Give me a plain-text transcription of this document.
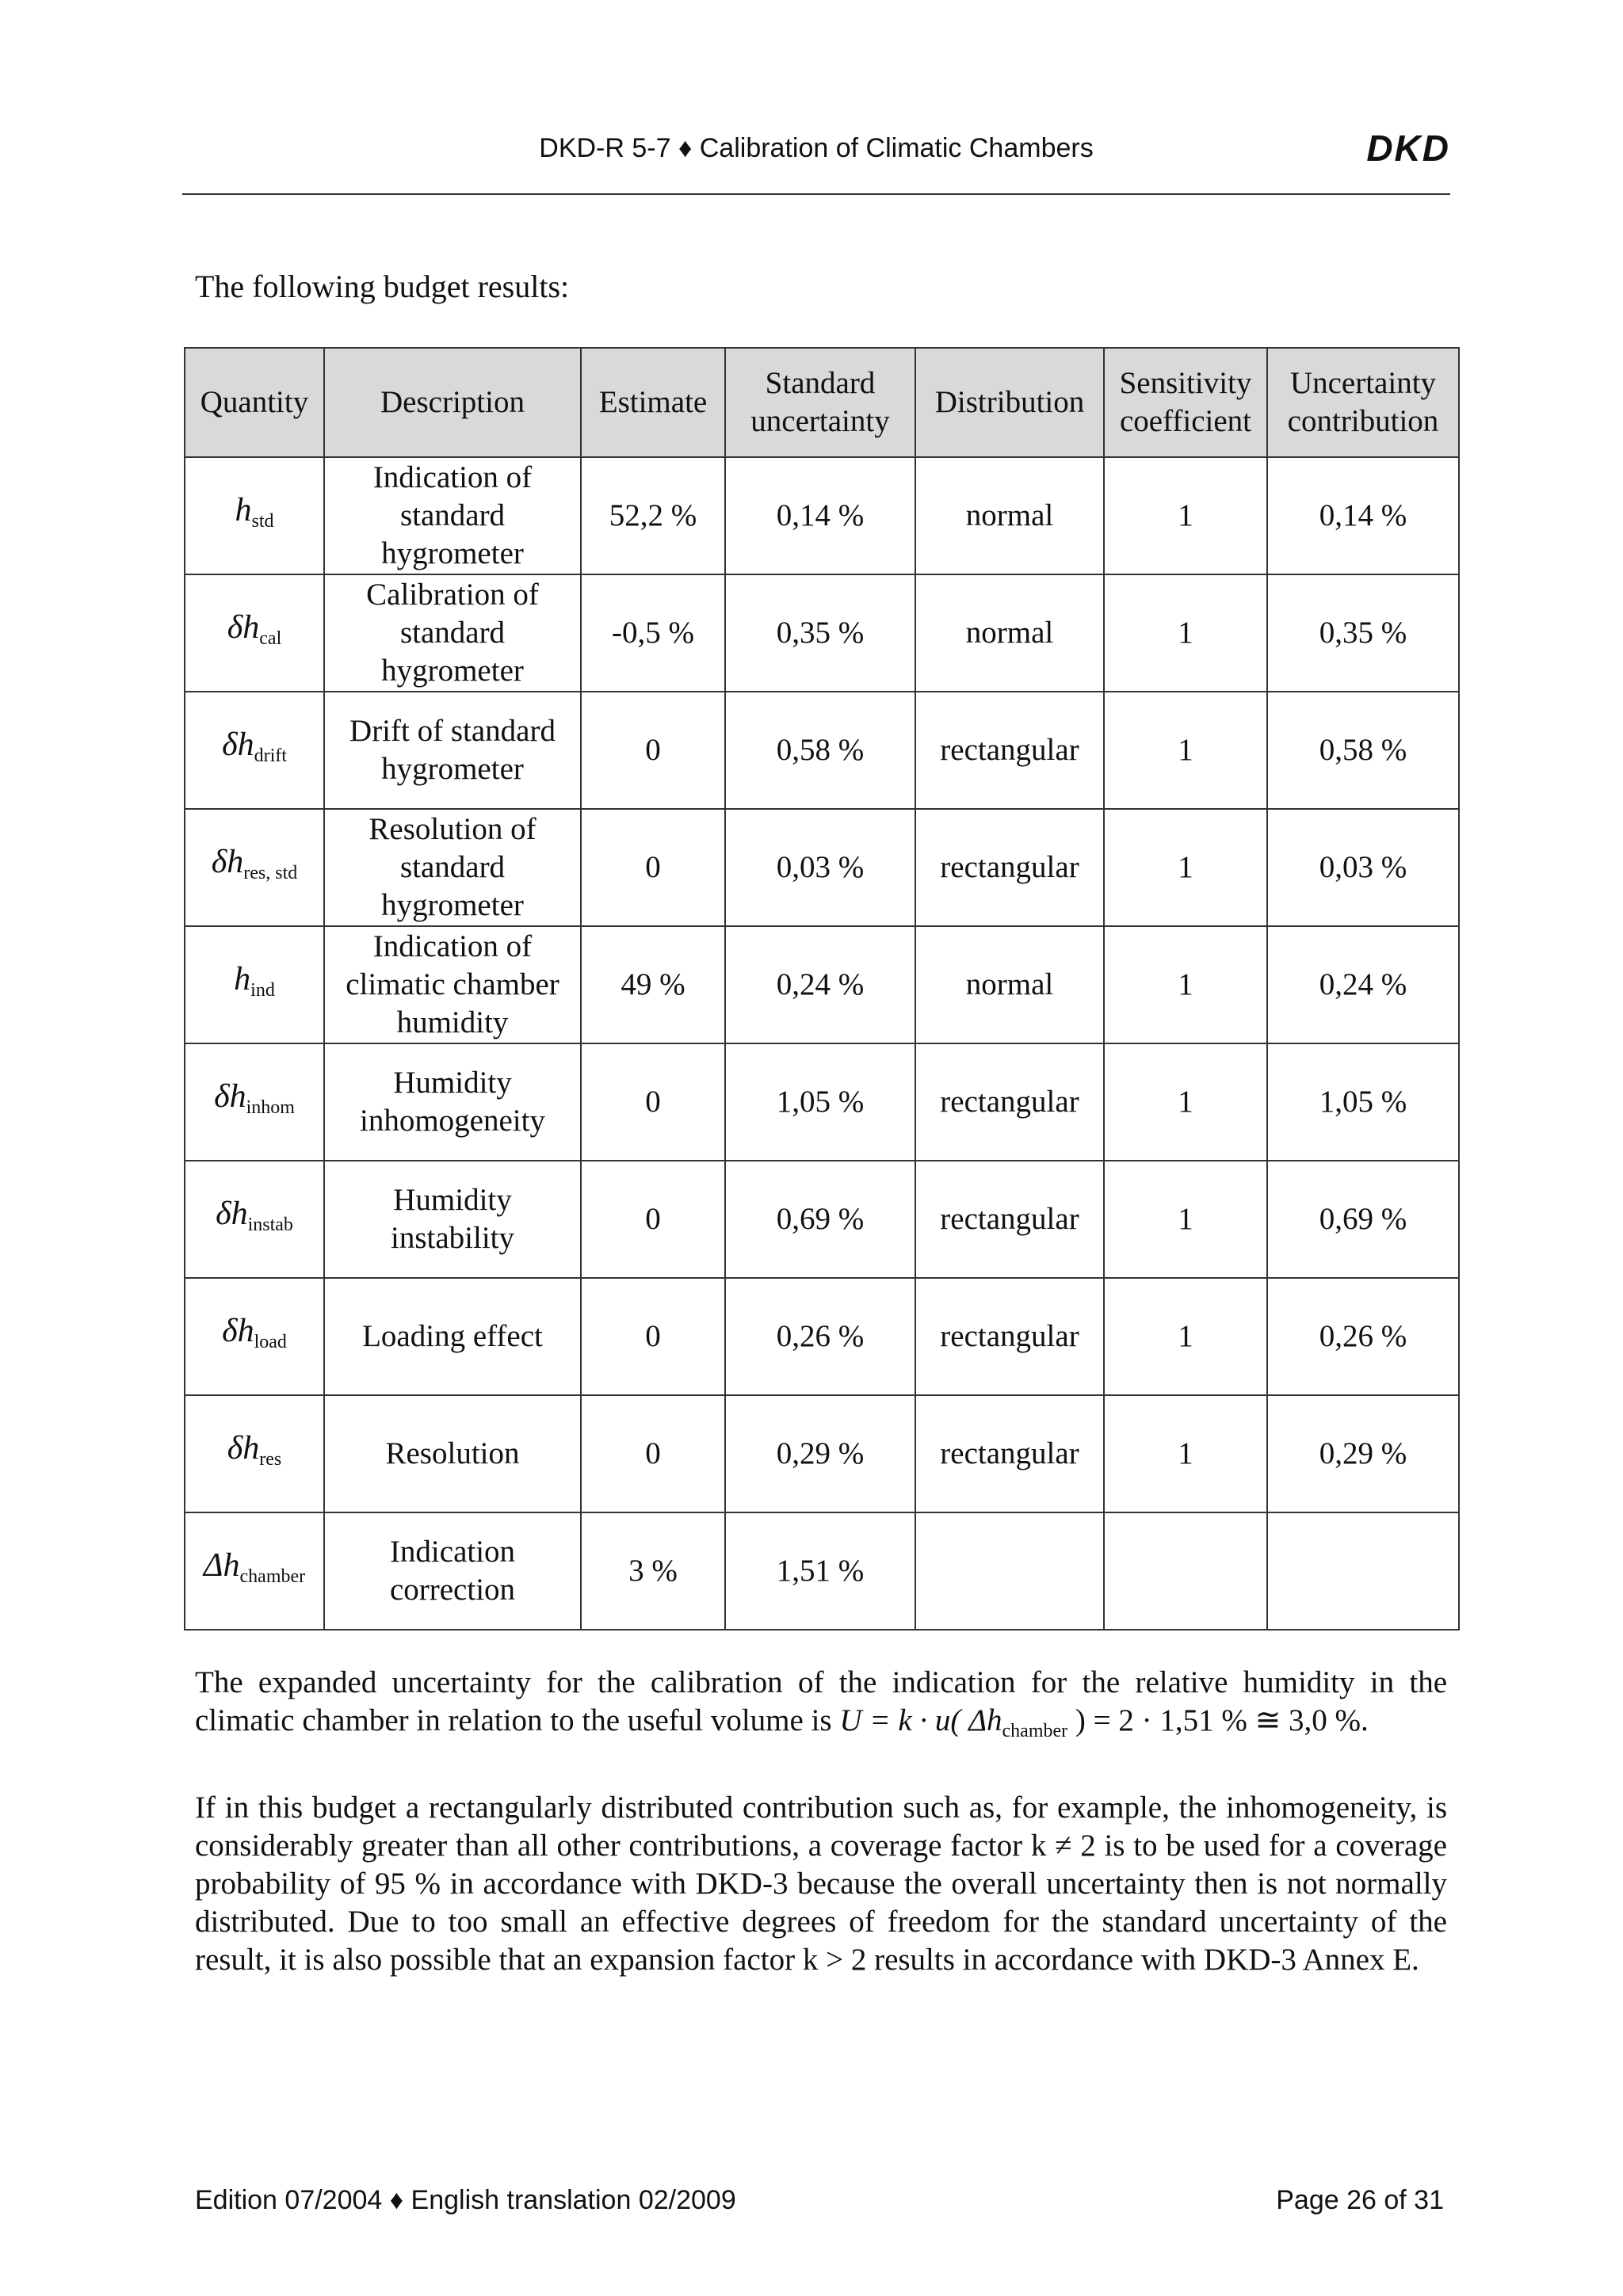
DKD-R 5-7 ♦ Calibration of Climatic Chambers	DKD
The following budget results:
Quantity	Description	Estimate	Standard uncertainty	Distribution	Sensitivity coefficient	Uncertainty contribution
$h_{std}$	Indication of standard hygrometer	52,2 %	0,14 %	normal	1	0,14 %
$\delta h_{cal}$	Calibration of standard hygrometer	-0,5 %	0,35 %	normal	1	0,35 %
$\delta h_{drift}$	Drift of standard hygrometer	0	0,58 %	rectangular	1	0,58 %
$\delta h_{res, std}$	Resolution of standard hygrometer	0	0,03 %	rectangular	1	0,03 %
$h_{ind}$	Indication of climatic chamber humidity	49 %	0,24 %	normal	1	0,24 %
$\delta h_{inhom}$	Humidity inhomogeneity	0	1,05 %	rectangular	1	1,05 %
$\delta h_{instab}$	Humidity instability	0	0,69 %	rectangular	1	0,69 %
$\delta h_{load}$	Loading effect	0	0,26 %	rectangular	1	0,26 %
$\delta h_{res}$	Resolution	0	0,29 %	rectangular	1	0,29 %
$\Delta h_{chamber}$	Indication correction	3 %	1,51 %			
The expanded uncertainty for the calibration of the indication for the relative humidity in the climatic chamber in relation to the useful volume is U = k · u( $\Delta h_{chamber}$ ) = 2 · 1,51 % ≅ 3,0 %.
If in this budget a rectangularly distributed contribution such as, for example, the inhomogeneity, is considerably greater than all other contributions, a coverage factor k ≠ 2 is to be used for a coverage probability of 95 % in accordance with DKD-3 because the overall uncertainty then is not normally distributed. Due to too small an effective degrees of freedom for the standard uncertainty of the result, it is also possible that an expansion factor k > 2 results in accordance with DKD-3 Annex E.
Edition 07/2004 ♦ English translation 02/2009	Page 26 of 31
